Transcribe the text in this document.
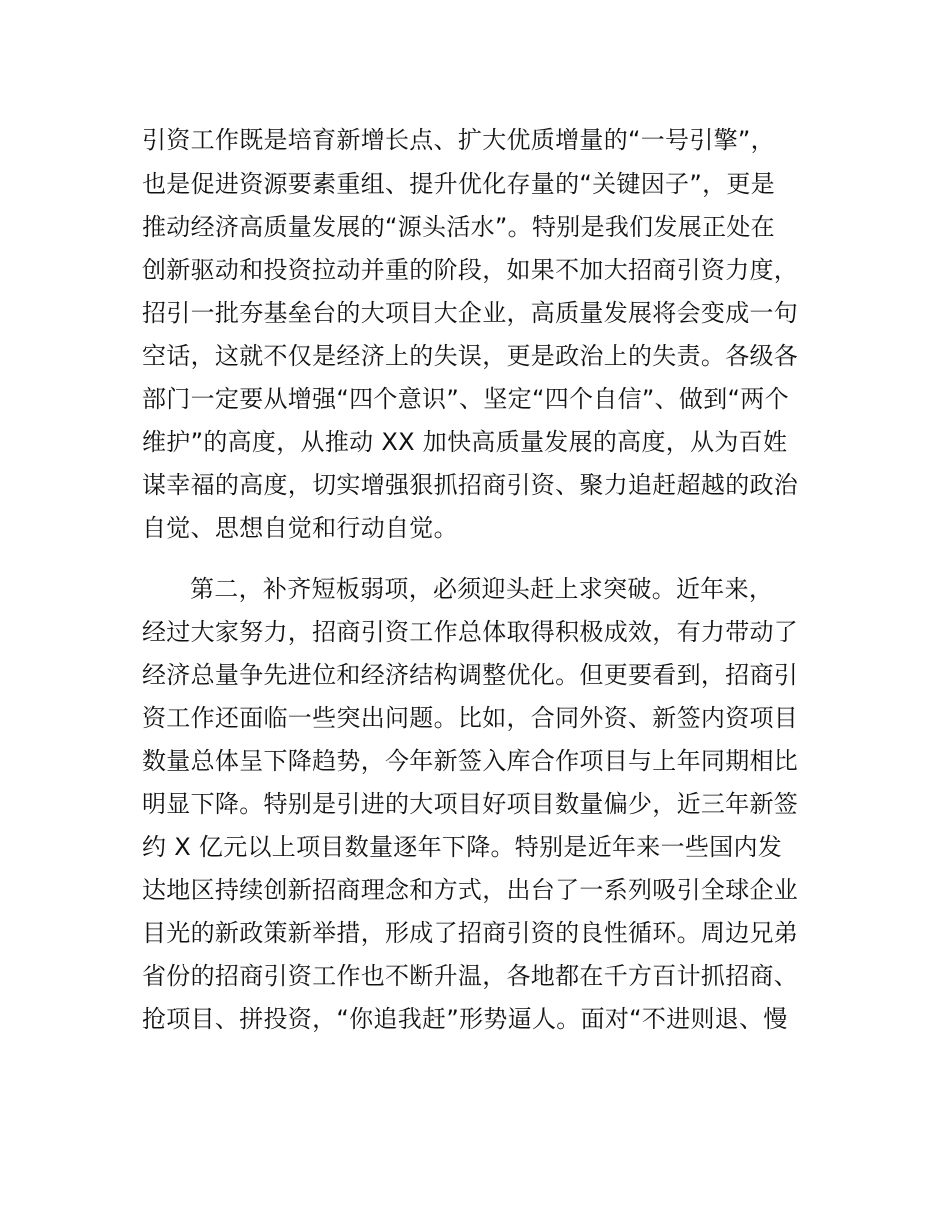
引资工作既是培育新增长点、扩大优质增量的“一号引擎”，
也是促进资源要素重组、提升优化存量的“关键因子”，更是
推动经济高质量发展的“源头活水”。特别是我们发展正处在
创新驱动和投资拉动并重的阶段，如果不加大招商引资力度，
招引一批夯基垒台的大项目大企业，高质量发展将会变成一句
空话，这就不仅是经济上的失误，更是政治上的失责。各级各
部门一定要从增强“四个意识”、坚定“四个自信”、做到“两个
维护”的高度，从推动 XX 加快高质量发展的高度，从为百姓
谋幸福的高度，切实增强狠抓招商引资、聚力追赶超越的政治
自觉、思想自觉和行动自觉。
第二，补齐短板弱项，必须迎头赶上求突破。近年来，
经过大家努力，招商引资工作总体取得积极成效，有力带动了
经济总量争先进位和经济结构调整优化。但更要看到，招商引
资工作还面临一些突出问题。比如，合同外资、新签内资项目
数量总体呈下降趋势，今年新签入库合作项目与上年同期相比
明显下降。特别是引进的大项目好项目数量偏少，近三年新签
约 X 亿元以上项目数量逐年下降。特别是近年来一些国内发
达地区持续创新招商理念和方式，出台了一系列吸引全球企业
目光的新政策新举措，形成了招商引资的良性循环。周边兄弟
省份的招商引资工作也不断升温，各地都在千方百计抓招商、
抢项目、拼投资，“你追我赶”形势逼人。面对“不进则退、慢
